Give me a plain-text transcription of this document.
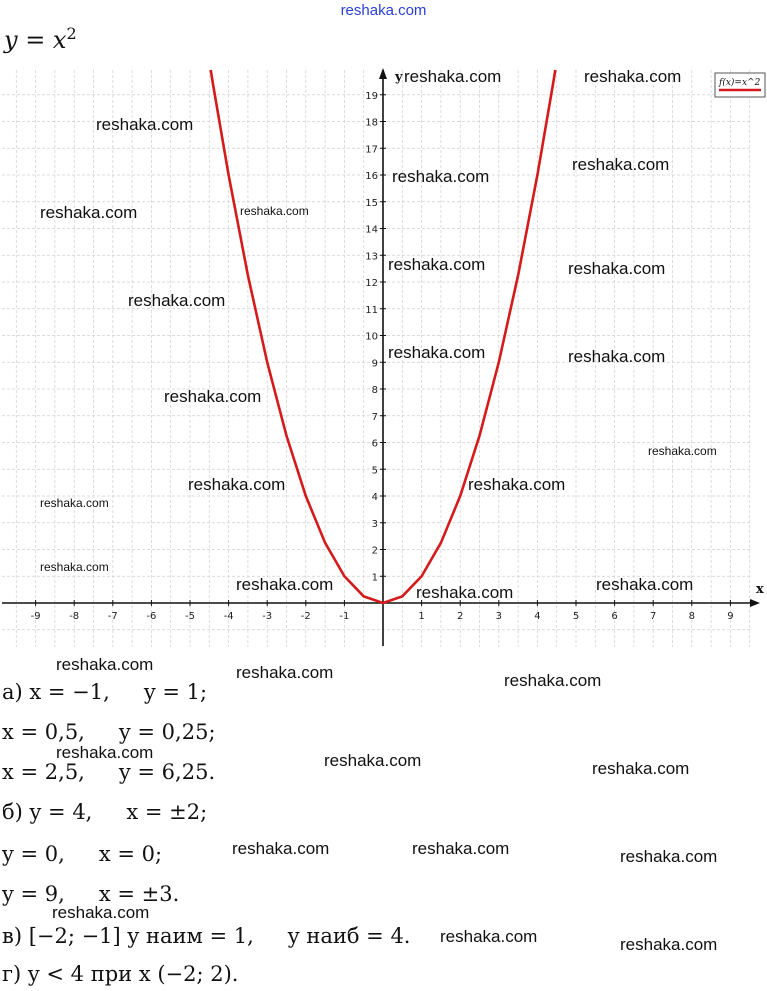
reshaka.com
$y = x^2$
x
y
-9	-8	-7	-6	-5	-4	-3	-2	-1	1	2	3	4	5	6	7	8	9
1
2
3
4
5
6
7
8
9
10
11
12
13
14
15
16
17
18
19
f(x)=x^2
reshaka.com
reshaka.com	reshaka.com
reshaka.com	reshaka.com
reshaka.com
reshaka.com
reshaka.com
reshaka.com	reshaka.com
reshaka.com
reshaka.com	reshaka.com
reshaka.com
reshaka.com	reshaka.com
reshaka.com
reshaka.com
reshaka.com	reshaka.com	reshaka.com
reshaka.com	reshaka.com	reshaka.com
reshaka.com	reshaka.com	reshaka.com
reshaka.com	reshaka.com	reshaka.com
reshaka.com
reshaka.com	reshaka.com
а) x = −1, y = 1;
x = 0,5, y = 0,25;
x = 2,5, y = 6,25.
б) y = 4, x = ±2;
y = 0, x = 0;
y = 9, x = ±3.
в) [−2; −1] y наим = 1, y наиб = 4.
г) y < 4 при x (−2; 2).
